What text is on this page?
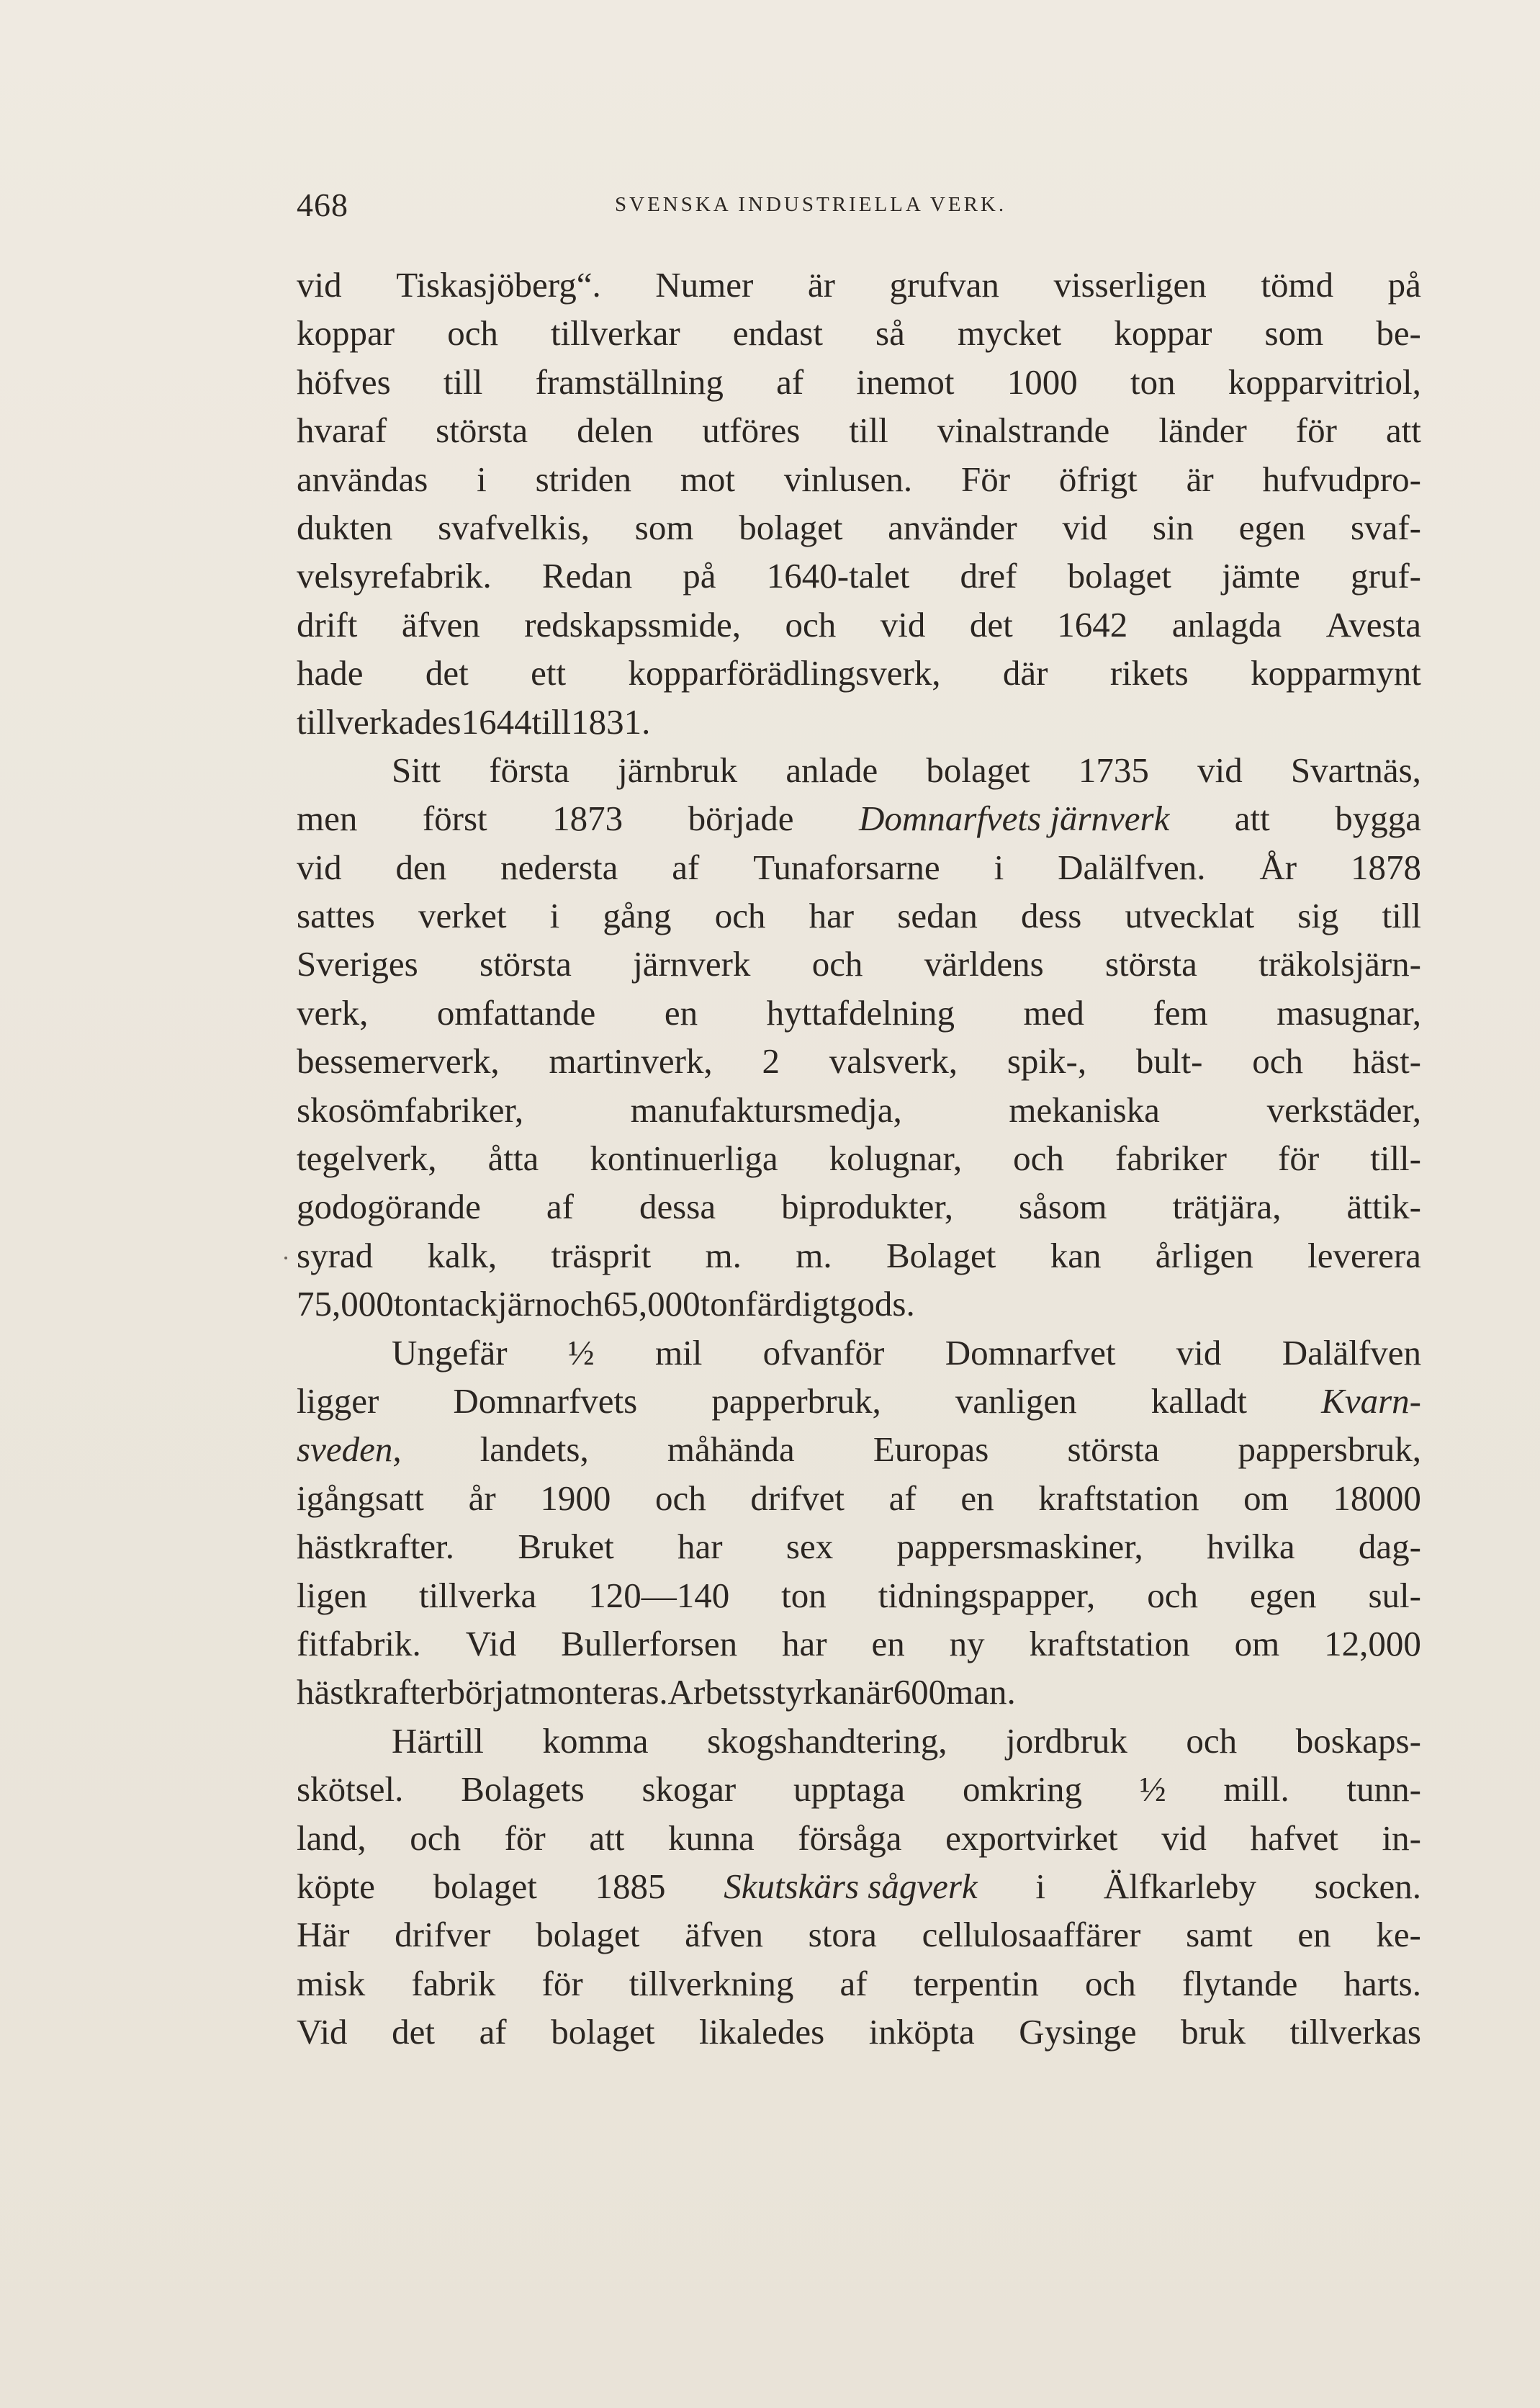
468	SVENSKA INDUSTRIELLA VERK.
vid Tiskasjöberg“. Numer är grufvan visserligen tömd på
koppar och tillverkar endast så mycket koppar som be-
höfves till framställning af inemot 1000 ton kopparvitriol,
hvaraf största delen utföres till vinalstrande länder för att
användas i striden mot vinlusen. För öfrigt är hufvudpro-
dukten svafvelkis, som bolaget använder vid sin egen svaf-
velsyrefabrik. Redan på 1640-talet dref bolaget jämte gruf-
drift äfven redskapssmide, och vid det 1642 anlagda Avesta
hade det ett kopparförädlingsverk, där rikets kopparmynt
tillverkades 1644 till 1831.
Sitt första järnbruk anlade bolaget 1735 vid Svartnäs,
men först 1873 började Domnarfvets järnverk att bygga
vid den nedersta af Tunaforsarne i Dalälfven. År 1878
sattes verket i gång och har sedan dess utvecklat sig till
Sveriges största järnverk och världens största träkolsjärn-
verk, omfattande en hyttafdelning med fem masugnar,
bessemerverk, martinverk, 2 valsverk, spik-, bult- och häst-
skosömfabriker,	manufaktursmedja,	mekaniska	verkstäder,
tegelverk, åtta kontinuerliga kolugnar, och fabriker för till-
godogörande af dessa biprodukter, såsom trätjära, ättik-
syrad kalk, träsprit m. m. Bolaget kan årligen leverera
75,000 ton tackjärn och 65,000 ton färdigt gods.
Ungefär ½ mil ofvanför Domnarfvet vid Dalälfven
ligger Domnarfvets papperbruk, vanligen kalladt Kvarn-
sveden, landets, måhända Europas största pappersbruk,
igångsatt år 1900 och drifvet af en kraftstation om 18000
hästkrafter. Bruket har sex pappersmaskiner, hvilka dag-
ligen tillverka 120—140 ton tidningspapper, och egen sul-
fitfabrik. Vid Bullerforsen har en ny kraftstation om 12,000
hästkrafter börjat monteras. Arbetsstyrkan är 600 man.
Härtill komma skogshandtering, jordbruk och boskaps-
skötsel. Bolagets skogar upptaga omkring ½ mill. tunn-
land, och för att kunna försåga exportvirket vid hafvet in-
köpte bolaget 1885 Skutskärs sågverk i Älfkarleby socken.
Här drifver bolaget äfven stora cellulosaaffärer samt en ke-
misk fabrik för tillverkning af terpentin och flytande harts.
Vid det af bolaget likaledes inköpta Gysinge bruk tillverkas
